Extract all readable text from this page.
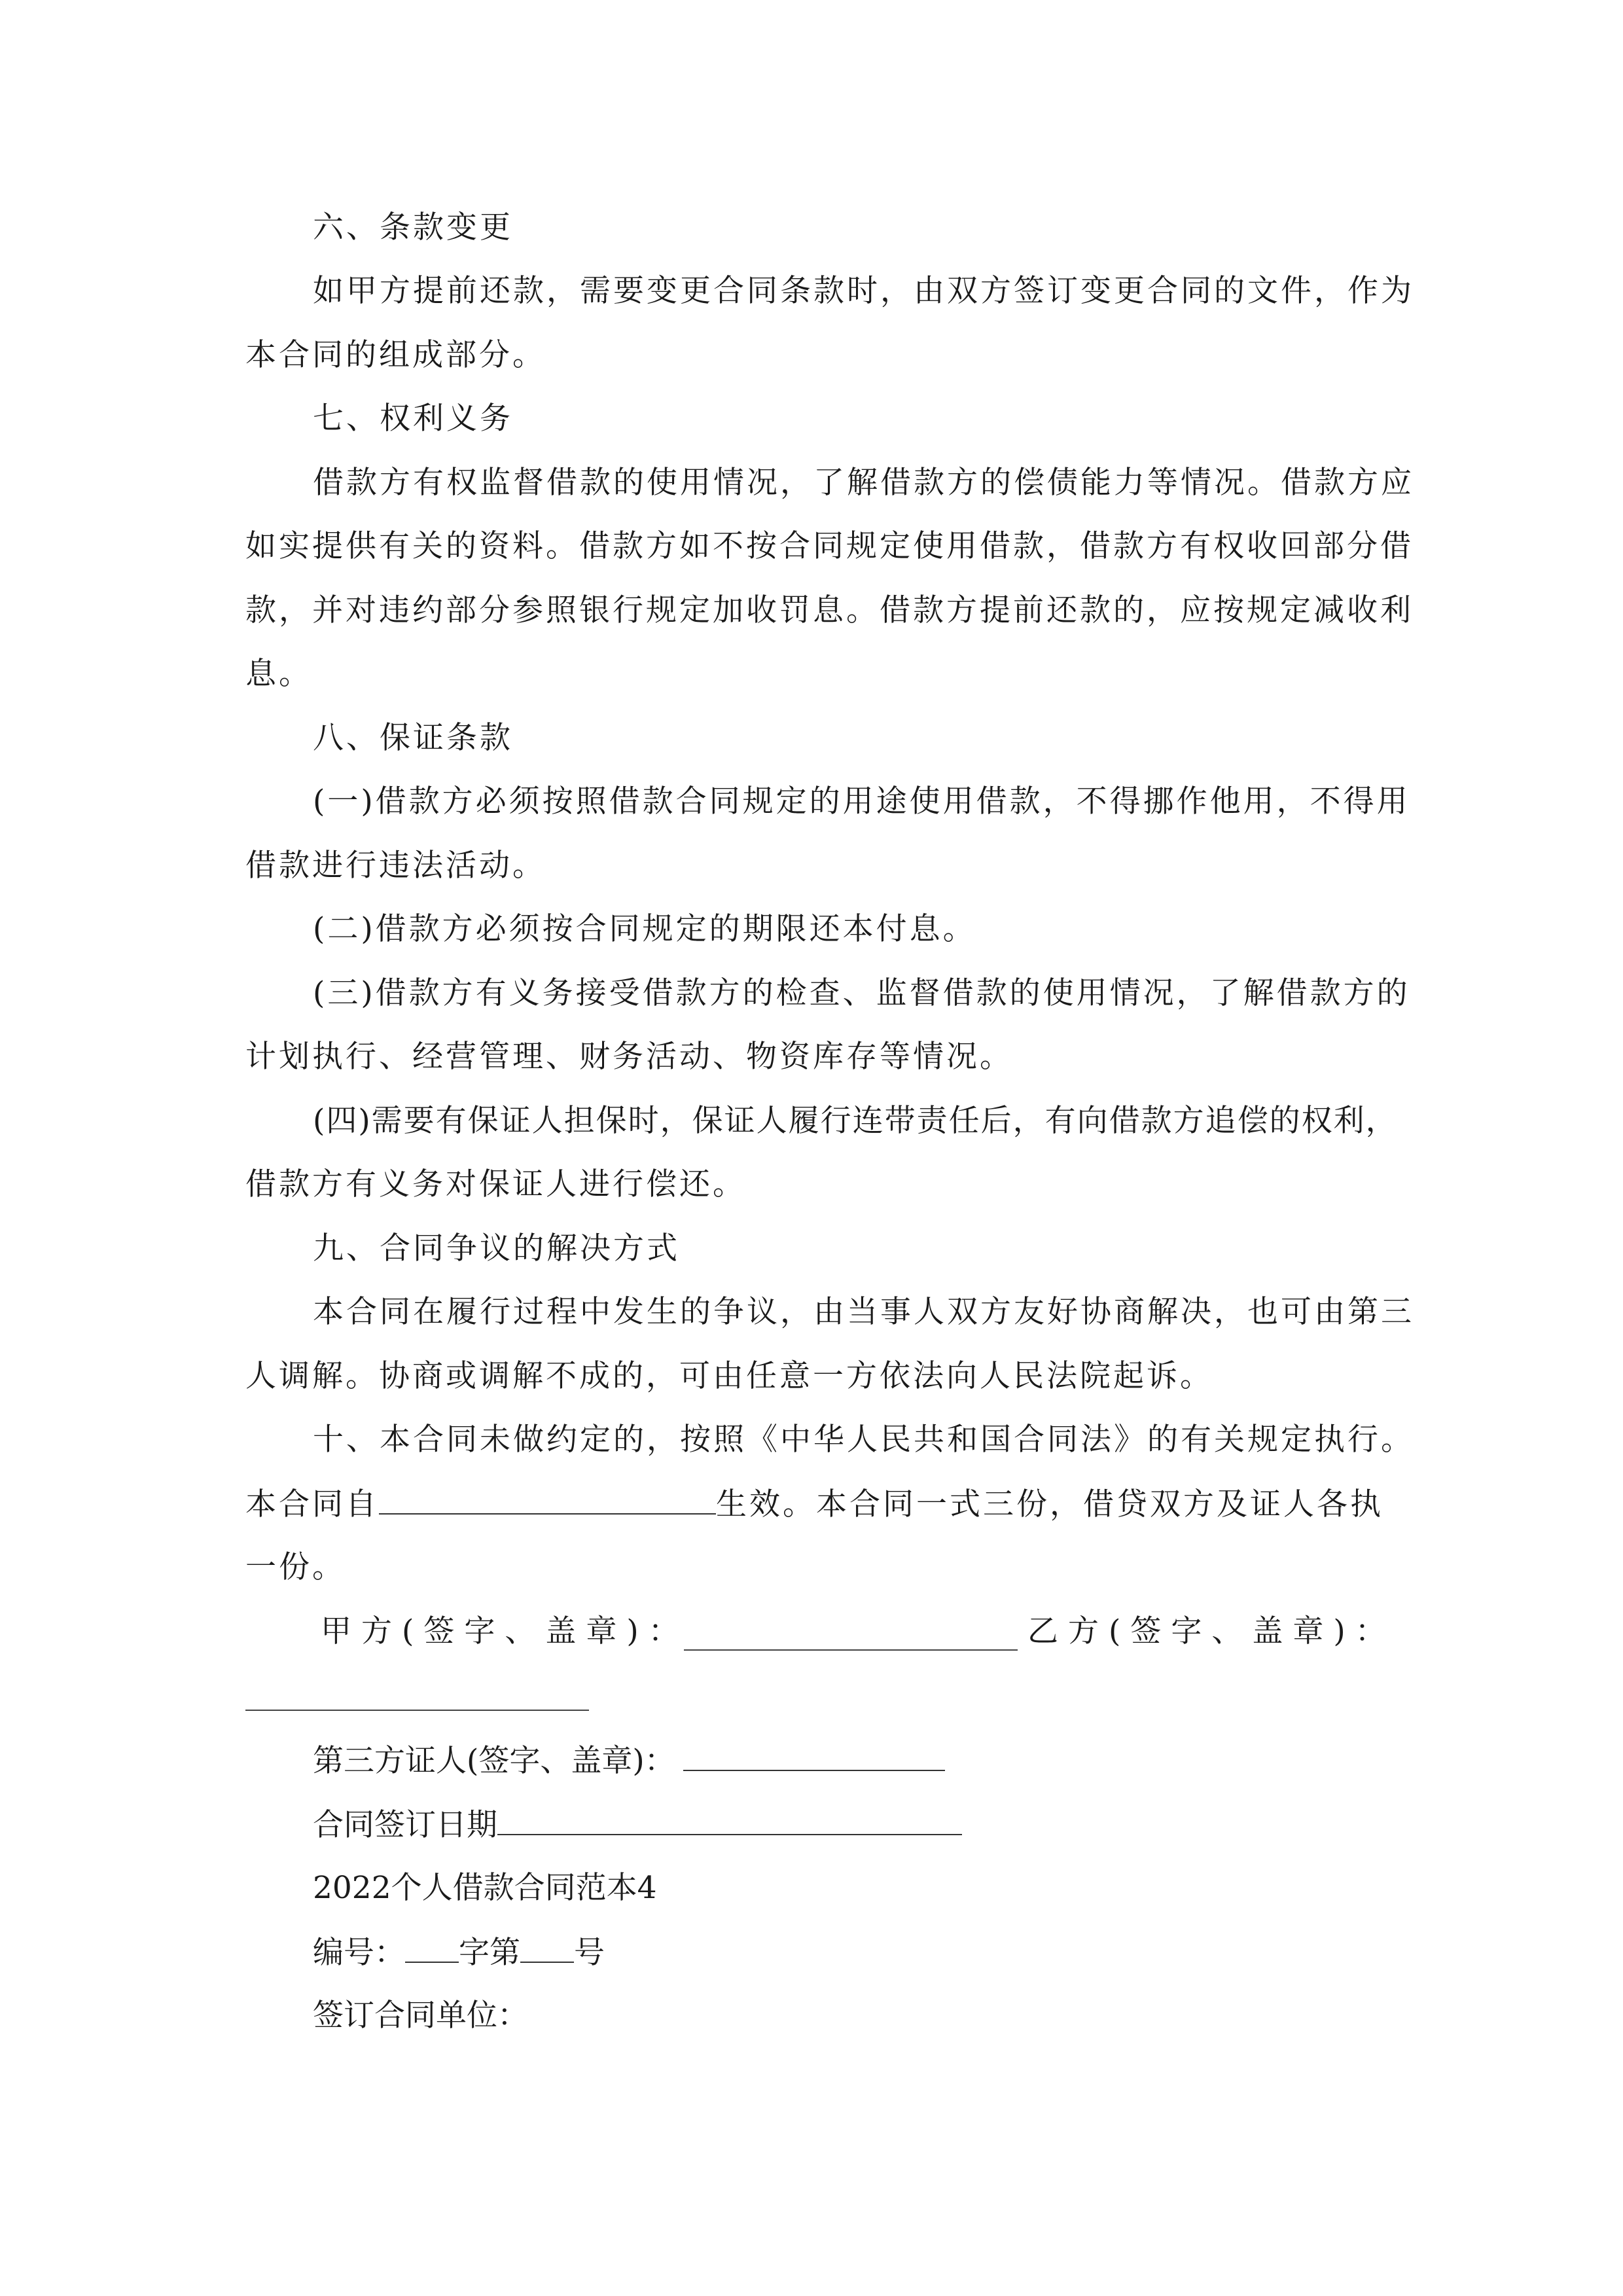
六、条款变更
如甲方提前还款，需要变更合同条款时，由双方签订变更合同的文件，作为
本合同的组成部分。
七、权利义务
借款方有权监督借款的使用情况，了解借款方的偿债能力等情况。借款方应
如实提供有关的资料。借款方如不按合同规定使用借款，借款方有权收回部分借
款，并对违约部分参照银行规定加收罚息。借款方提前还款的，应按规定减收利
息。
八、保证条款
(一)借款方必须按照借款合同规定的用途使用借款，不得挪作他用，不得用
借款进行违法活动。
(二)借款方必须按合同规定的期限还本付息。
(三)借款方有义务接受借款方的检查、监督借款的使用情况，了解借款方的
计划执行、经营管理、财务活动、物资库存等情况。
(四)需要有保证人担保时，保证人履行连带责任后，有向借款方追偿的权利，
借款方有义务对保证人进行偿还。
九、合同争议的解决方式
本合同在履行过程中发生的争议，由当事人双方友好协商解决，也可由第三
人调解。协商或调解不成的，可由任意一方依法向人民法院起诉。
十、本合同未做约定的，按照《中华人民共和国合同法》的有关规定执行。
本合同自	生效。本合同一式三份，借贷双方及证人各执
一份。
甲方(签字、盖章)：	乙方(签字、盖章)：
第三方证人(签字、盖章)：
合同签订日期
2022个人借款合同范本4
编号： 字第 号
签订合同单位：
